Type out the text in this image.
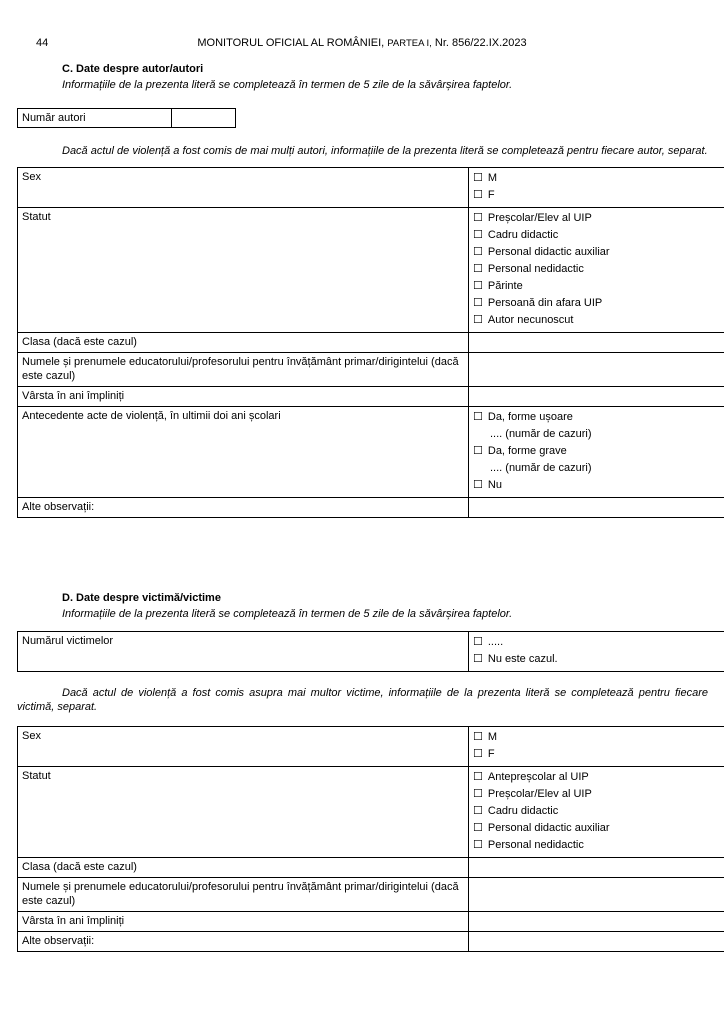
44	MONITORUL OFICIAL AL ROMÂNIEI, PARTEA I, Nr. 856/22.IX.2023
C. Date despre autor/autori
Informațiile de la prezenta literă se completează în termen de 5 zile de la săvârșirea faptelor.
Număr autori	

Dacă actul de violență a fost comis de mai mulți autori, informațiile de la prezenta literă se completează pentru fiecare autor, separat.

Sex	☐ M
☐ F

Statut	☐ Preșcolar/Elev al UIP
☐ Cadru didactic
☐ Personal didactic auxiliar
☐ Personal nedidactic
☐ Părinte
☐ Persoană din afara UIP
☐ Autor necunoscut

Clasa (dacă este cazul)	
Numele și prenumele educatorului/profesorului pentru învățământ primar/dirigintelui (dacă este cazul)	
Vârsta în ani împliniți	
Antecedente acte de violență, în ultimii doi ani școlari	☐ Da, forme ușoare
.... (număr de cazuri)
☐ Da, forme grave
.... (număr de cazuri)
☐ Nu

Alte observații:	
D. Date despre victimă/victime
Informațiile de la prezenta literă se completează în termen de 5 zile de la săvârșirea faptelor.
Numărul victimelor	☐ .....
☐ Nu este cazul.

Dacă actul de violență a fost comis asupra mai multor victime, informațiile de la prezenta literă se completează pentru fiecare victimă, separat.

Sex	☐ M
☐ F

Statut	☐ Antepreșcolar al UIP
☐ Preșcolar/Elev al UIP
☐ Cadru didactic
☐ Personal didactic auxiliar
☐ Personal nedidactic

Clasa (dacă este cazul)	
Numele și prenumele educatorului/profesorului pentru învățământ primar/dirigintelui (dacă este cazul)	
Vârsta în ani împliniți	
Alte observații:	
